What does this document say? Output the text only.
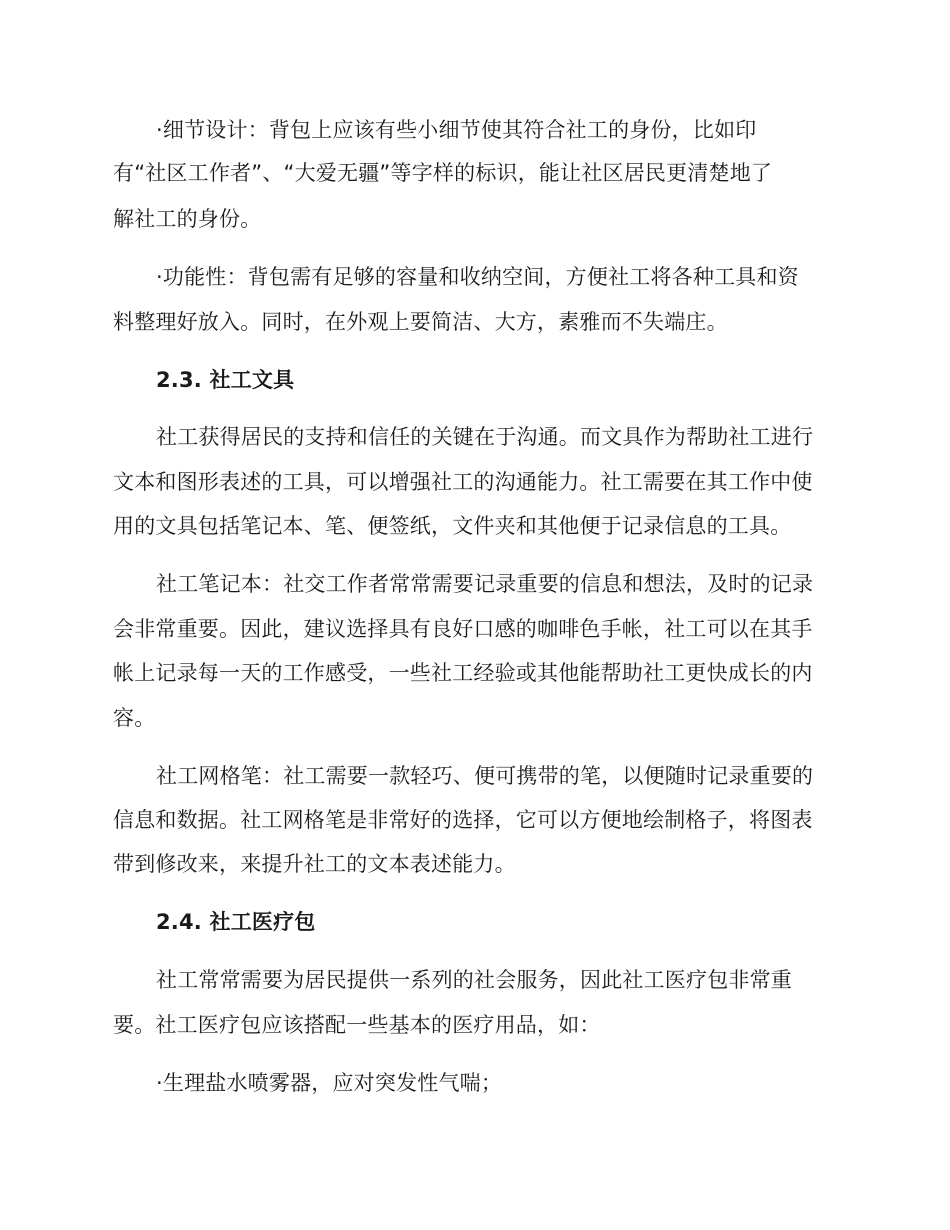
·细节设计：背包上应该有些小细节使其符合社工的身份，比如印
有“社区工作者”、“大爱无疆”等字样的标识，能让社区居民更清楚地了
解社工的身份。
·功能性：背包需有足够的容量和收纳空间，方便社工将各种工具和资
料整理好放入。同时，在外观上要简洁、大方，素雅而不失端庄。
2.3. 社工文具
社工获得居民的支持和信任的关键在于沟通。而文具作为帮助社工进行
文本和图形表述的工具，可以增强社工的沟通能力。社工需要在其工作中使
用的文具包括笔记本、笔、便签纸，文件夹和其他便于记录信息的工具。
社工笔记本：社交工作者常常需要记录重要的信息和想法，及时的记录
会非常重要。因此，建议选择具有良好口感的咖啡色手帐，社工可以在其手
帐上记录每一天的工作感受，一些社工经验或其他能帮助社工更快成长的内
容。
社工网格笔：社工需要一款轻巧、便可携带的笔，以便随时记录重要的
信息和数据。社工网格笔是非常好的选择，它可以方便地绘制格子，将图表
带到修改来，来提升社工的文本表述能力。
2.4. 社工医疗包
社工常常需要为居民提供一系列的社会服务，因此社工医疗包非常重
要。社工医疗包应该搭配一些基本的医疗用品，如：
·生理盐水喷雾器，应对突发性气喘；
